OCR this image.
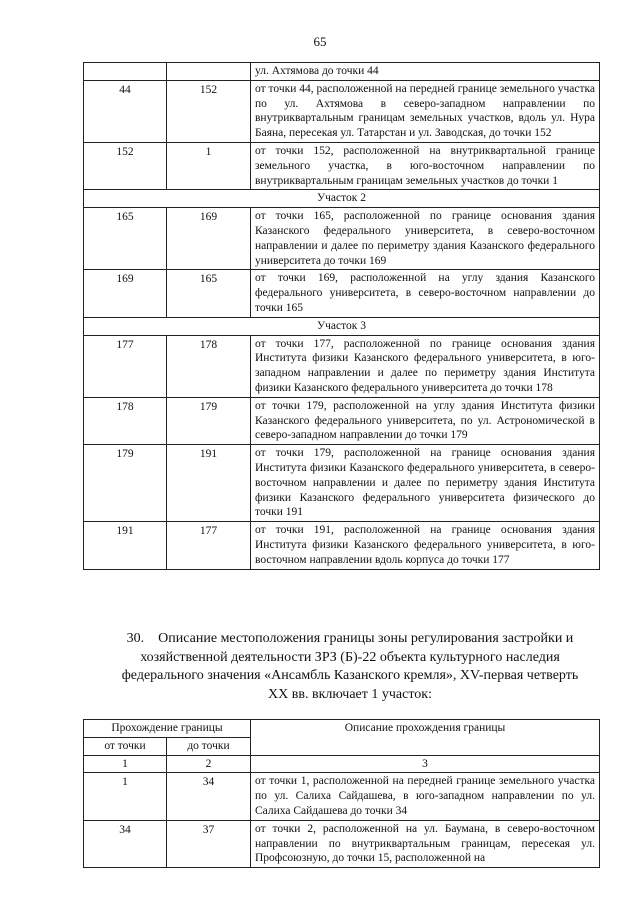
65
		ул. Ахтямова до точки 44
44	152	от точки 44, расположенной на передней границе земельного участка по ул. Ахтямова в северо-западном направлении по внутриквартальным границам земельных участков, вдоль ул. Нура Баяна, пересекая ул. Татарстан и ул. Заводская, до точки 152
152	1	от точки 152, расположенной на внутриквартальной границе земельного участка, в юго-восточном направлении по внутриквартальным границам земельных участков до точки 1
Участок 2		
165	169	от точки 165, расположенной по границе основания здания Казанского федерального университета, в северо-восточном направлении и далее по периметру здания Казанского федерального университета до точки 169
169	165	от точки 169, расположенной на углу здания Казанского федерального университета, в северо-восточном направлении до точки 165
Участок 3		
177	178	от точки 177, расположенной по границе основания здания Института физики Казанского федерального университета, в юго-западном направлении и далее по периметру здания Института физики Казанского федерального университета до точки 178
178	179	от точки 179, расположенной на углу здания Института физики Казанского федерального университета, по ул. Астрономической в северо-западном направлении до точки 179
179	191	от точки 179, расположенной на границе основания здания Института физики Казанского федерального университета, в северо-восточном направлении и далее по периметру здания Института физики Казанского федерального университета физического до точки 191
191	177	от точки 191, расположенной на границе основания здания Института физики Казанского федерального университета, в юго-восточном направлении вдоль корпуса до точки 177
30. Описание местоположения границы зоны регулирования застройки и
хозяйственной деятельности ЗРЗ (Б)-22 объекта культурного наследия
федерального значения «Ансамбль Казанского кремля», XV-первая четверть
XX вв. включает 1 участок:
Прохождение границы		Описание прохождения границы
от точки	до точки	
1	2	3
1	34	от точки 1, расположенной на передней границе земельного участка по ул. Салиха Сайдашева, в юго-западном направлении по ул. Салиха Сайдашева до точки 34
34	37	от точки 2, расположенной на ул. Баумана, в северо-восточном направлении по внутриквартальным границам, пересекая ул. Профсоюзную, до точки 15, расположенной на
